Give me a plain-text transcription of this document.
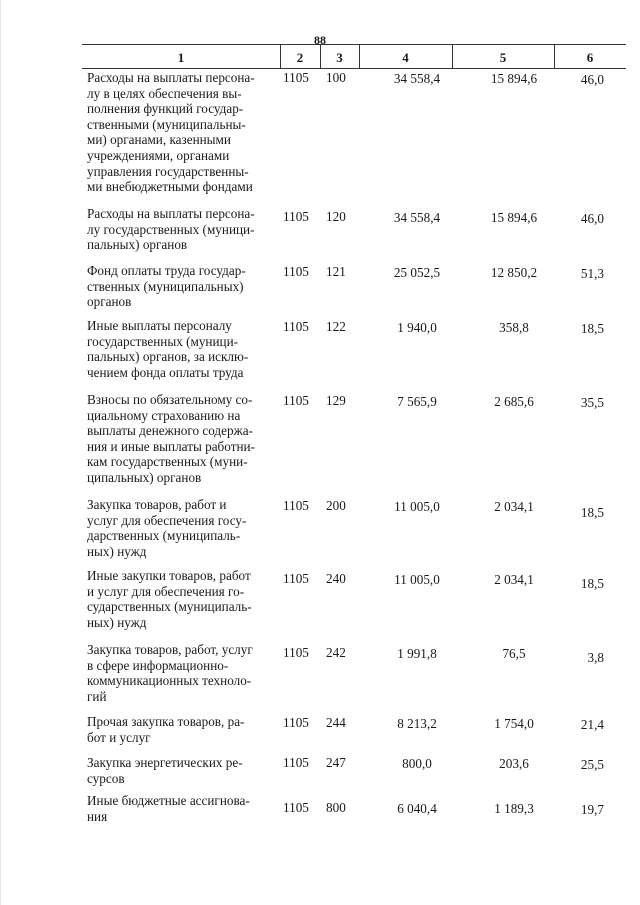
88
1	2	3	4	5	6
Расходы на выплаты персона-
лу в целях обеспечения вы-
полнения функций государ-
ственными (муниципальны-
ми) органами, казенными
учреждениями, органами
управления государственны-
ми внебюджетными фондами
1105	100	34 558,4	15 894,6	46,0
Расходы на выплаты персона-
лу государственных (муници-
пальных) органов
1105	120	34 558,4	15 894,6	46,0
Фонд оплаты труда государ-
ственных (муниципальных)
органов
1105	121	25 052,5	12 850,2	51,3
Иные выплаты персоналу
государственных (муници-
пальных) органов, за исклю-
чением фонда оплаты труда
1105	122	1 940,0	358,8	18,5
Взносы по обязательному со-
циальному страхованию на
выплаты денежного содержа-
ния и иные выплаты работни-
кам государственных (муни-
ципальных) органов
1105	129	7 565,9	2 685,6	35,5
Закупка товаров, работ и
услуг для обеспечения госу-
дарственных (муниципаль-
ных) нужд
1105	200	11 005,0	2 034,1	18,5
Иные закупки товаров, работ
и услуг для обеспечения го-
сударственных (муниципаль-
ных) нужд
1105	240	11 005,0	2 034,1	18,5
Закупка товаров, работ, услуг
в сфере информационно-
коммуникационных техноло-
гий
1105	242	1 991,8	76,5	3,8
Прочая закупка товаров, ра-
бот и услуг
1105	244	8 213,2	1 754,0	21,4
Закупка энергетических ре-
сурсов
1105	247	800,0	203,6	25,5
Иные бюджетные ассигнова-
ния
1105	800	6 040,4	1 189,3	19,7
